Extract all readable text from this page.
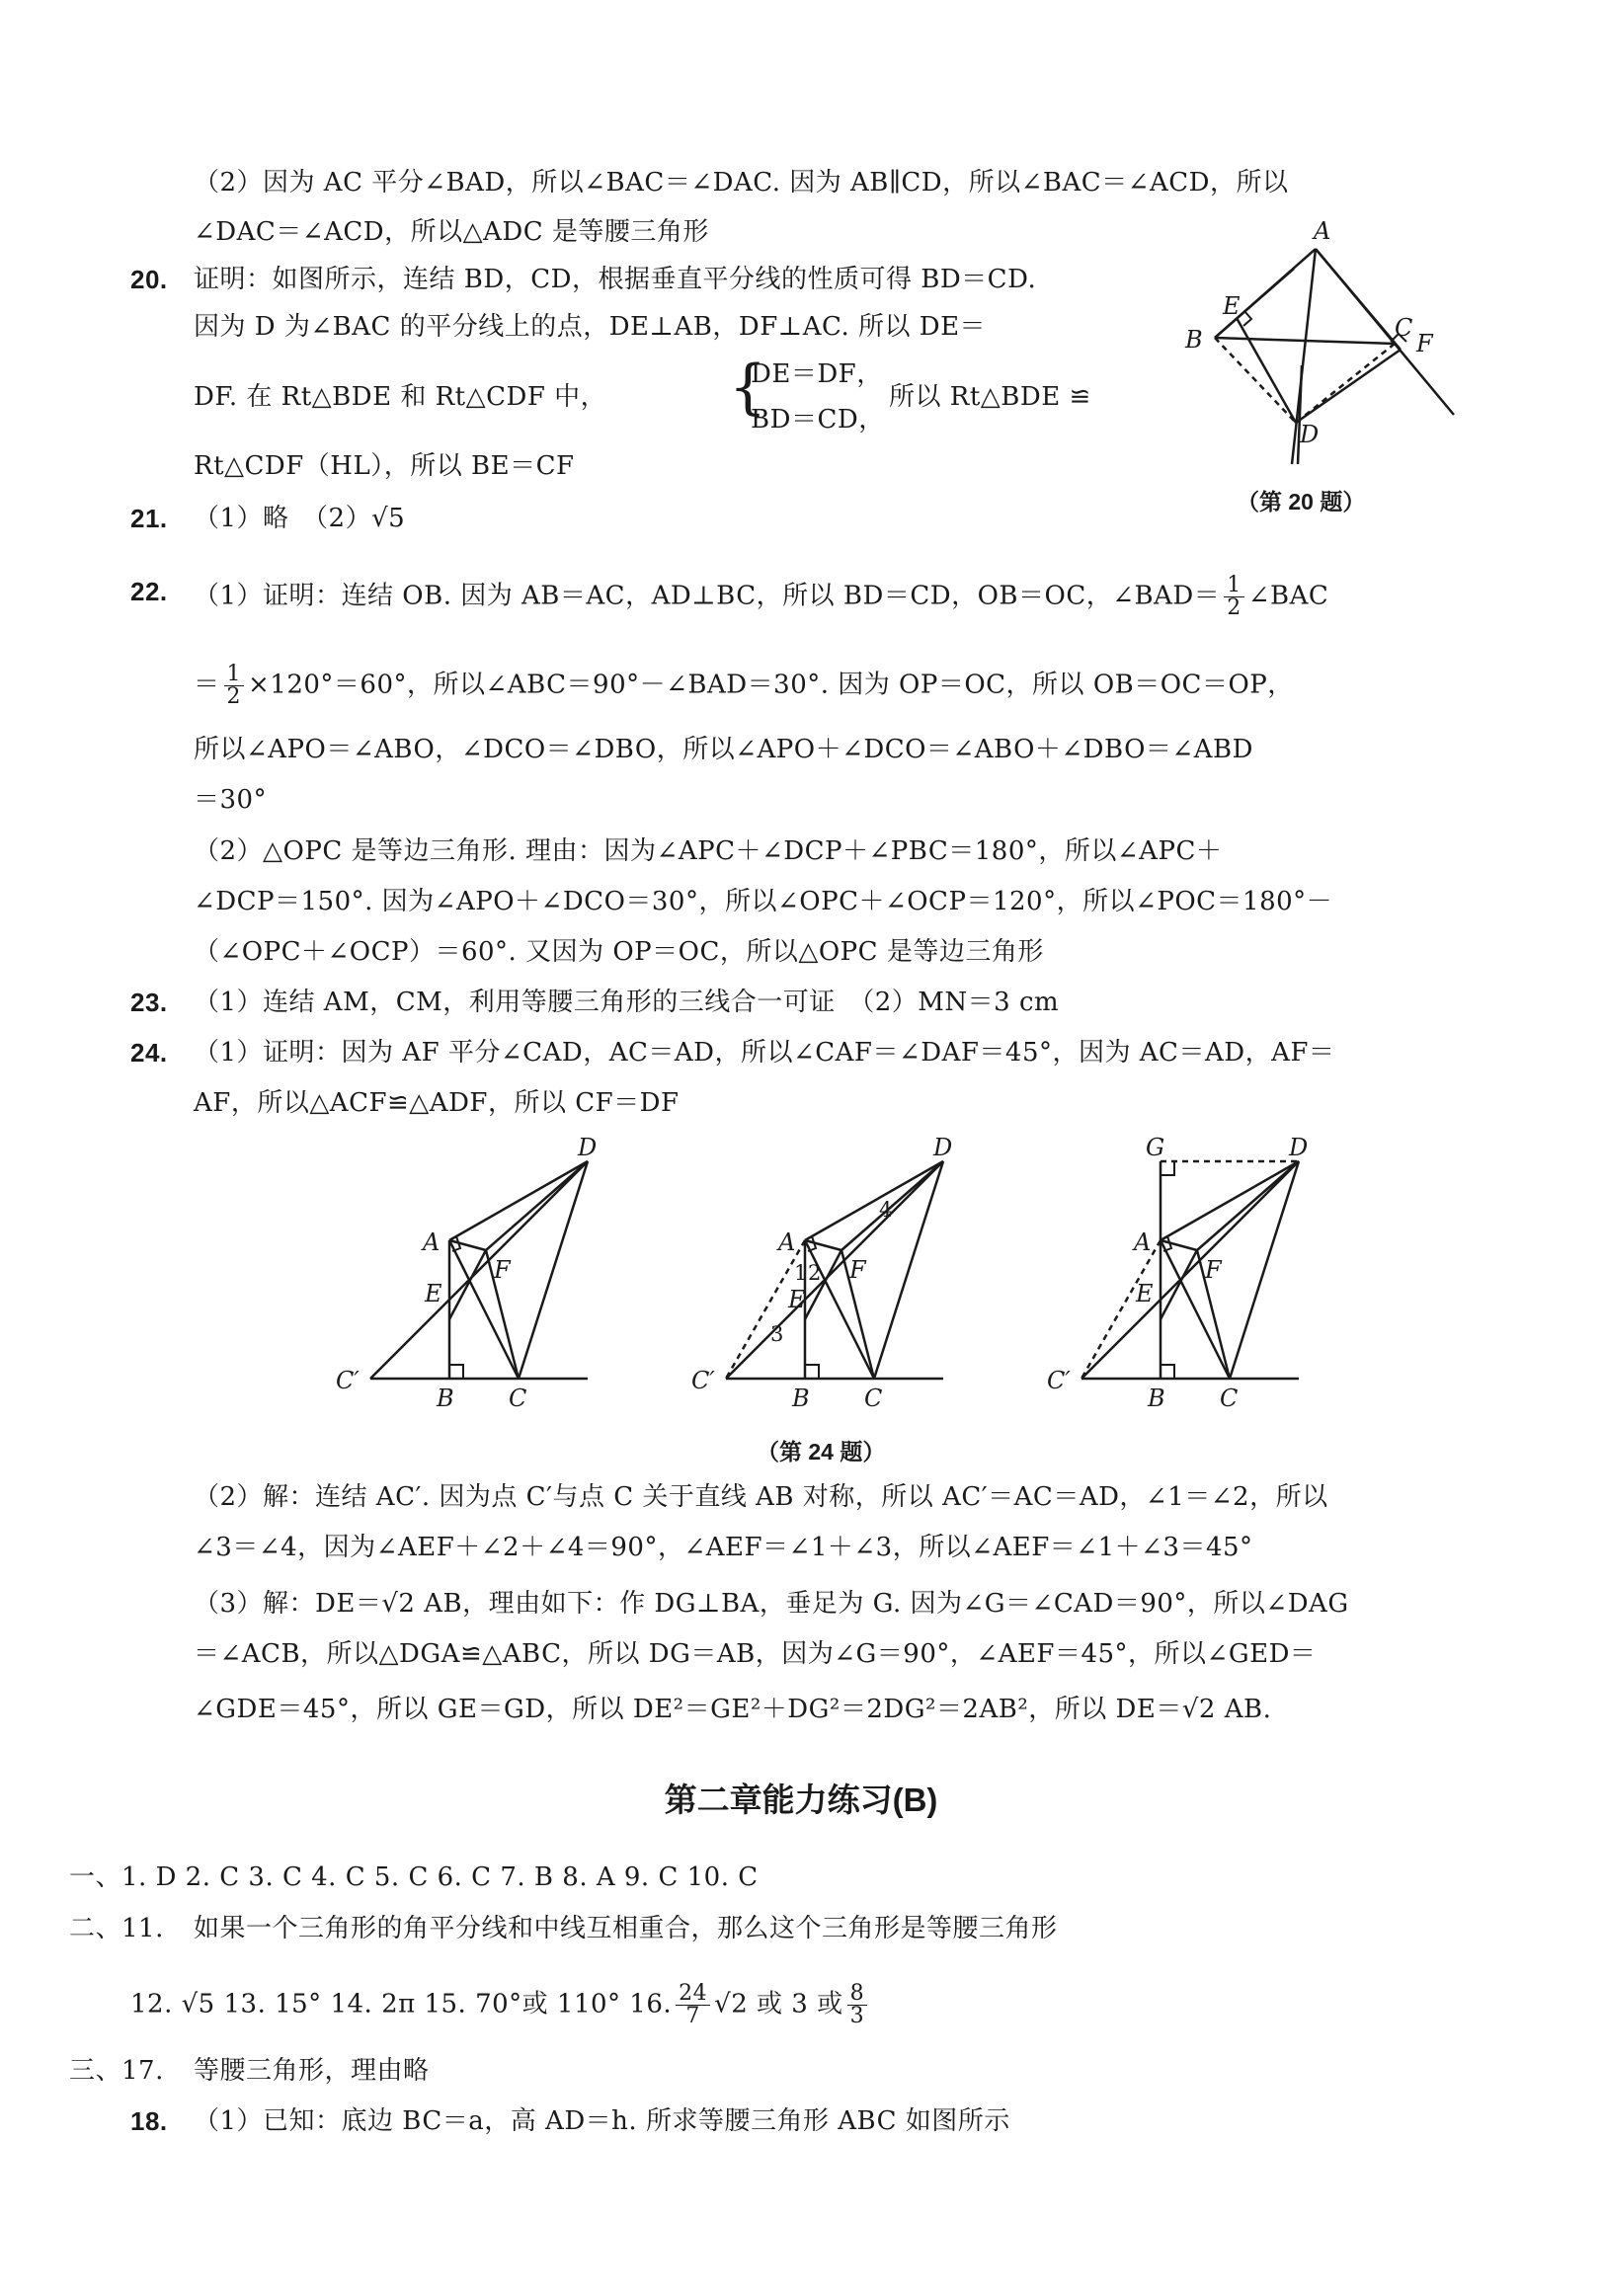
（2）因为 AC 平分∠BAD，所以∠BAC＝∠DAC. 因为 AB∥CD，所以∠BAC＝∠ACD，所以
∠DAC＝∠ACD，所以△ADC 是等腰三角形
20. 证明：如图所示，连结 BD，CD，根据垂直平分线的性质可得 BD＝CD.
因为 D 为∠BAC 的平分线上的点，DE⊥AB，DF⊥AC. 所以 DE＝
DF. 在 Rt△BDE 和 Rt△CDF 中， {
DE＝DF，
BD＝CD，
所以 Rt△BDE ≌
Rt△CDF（HL），所以 BE＝CF
A
B	C
D
E
F
（第 20 题）
21. （1）略　（2）√5
22. （1）证明：连结 OB. 因为 AB＝AC，AD⊥BC，所以 BD＝CD，OB＝OC，∠BAD＝ $\frac{1}{2}$ ∠BAC
＝ $\frac{1}{2} \times 120^\circ=60^\circ$，所以∠ABC＝90°－∠BAD＝30°. 因为 OP＝OC，所以 OB＝OC＝OP，
所以∠APO＝∠ABO，∠DCO＝∠DBO，所以∠APO＋∠DCO＝∠ABO＋∠DBO＝∠ABD
＝30°
（2）△OPC 是等边三角形. 理由：因为∠APC＋∠DCP＋∠PBC＝180°，所以∠APC＋
∠DCP＝150°. 因为∠APO＋∠DCO＝30°，所以∠OPC＋∠OCP＝120°，所以∠POC＝180°－
（∠OPC＋∠OCP）＝60°. 又因为 OP＝OC，所以△OPC 是等边三角形
23. （1）连结 AM，CM，利用等腰三角形的三线合一可证　（2）MN＝3 cm
24. （1）证明：因为 AF 平分∠CAD，AC＝AD，所以∠CAF＝∠DAF＝45°，因为 AC＝AD，AF＝
AF，所以△ACF≌△ADF，所以 CF＝DF
D
A
E
F
C′
B C
D
A
E
F
C′
B C
1 2
3
4
D
G
A
E
F
C′
B C
（第 24 题）
（2）解：连结 AC′. 因为点 C′与点 C 关于直线 AB 对称，所以 AC′＝AC＝AD，∠1＝∠2，所以
∠3＝∠4，因为∠AEF＋∠2＋∠4＝90°，∠AEF＝∠1＋∠3，所以∠AEF＝∠1＋∠3＝45°
（3）解：DE＝√2 AB，理由如下：作 DG⊥BA，垂足为 G. 因为∠G＝∠CAD＝90°，所以∠DAG
＝∠ACB，所以△DGA≌△ABC，所以 DG＝AB，因为∠G＝90°，∠AEF＝45°，所以∠GED＝
∠GDE＝45°，所以 GE＝GD，所以 DE²＝GE²＋DG²＝2DG²＝2AB²，所以 DE＝√2 AB.
第二章能力练习(B)
一、1. D 2. C 3. C 4. C 5. C 6. C 7. B 8. A 9. C 10. C
二、11. 如果一个三角形的角平分线和中线互相重合，那么这个三角形是等腰三角形
12. √5 13. 15° 14. 2π 15. 70°或 110° 16. $\frac{24}{7} √2$ 或 3 或 $\frac{8}{3}$
三、17. 等腰三角形，理由略
18. （1）已知：底边 BC＝a，高 AD＝h. 所求等腰三角形 ABC 如图所示
